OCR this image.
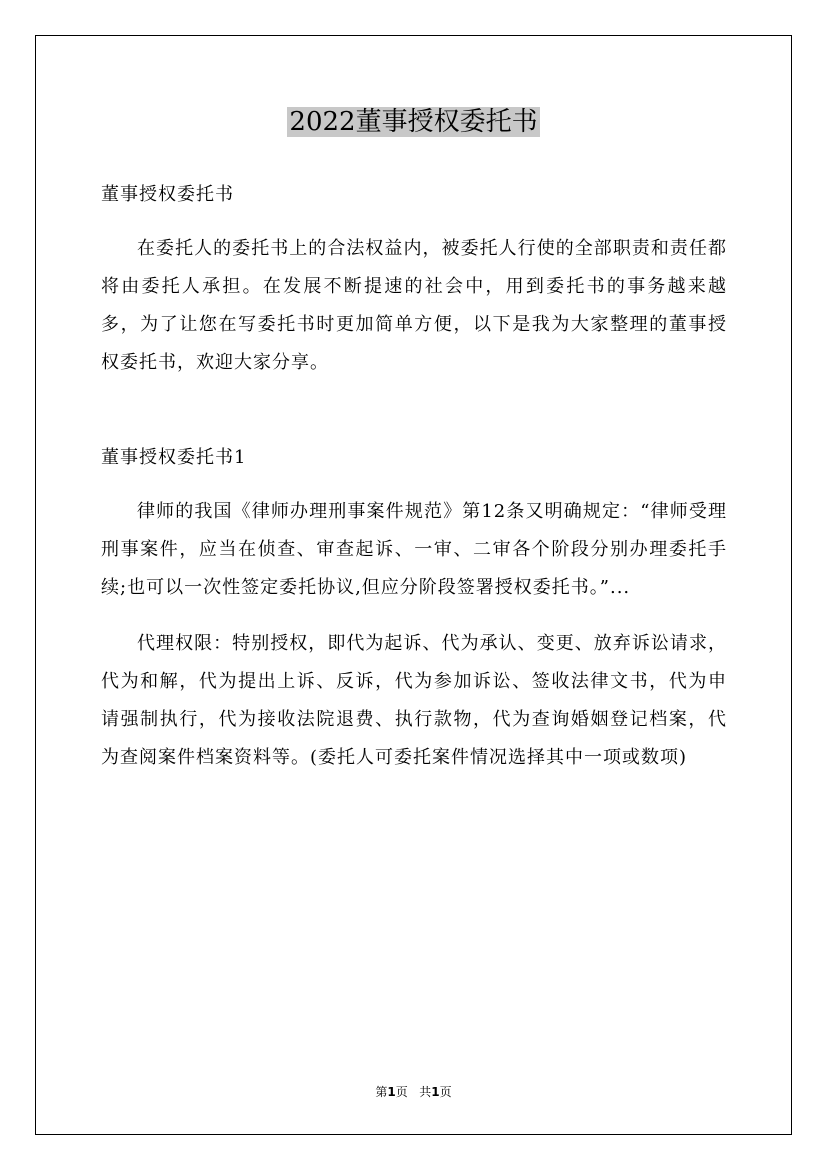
2022董事授权委托书

董事授权委托书

在委托人的委托书上的合法权益内，被委托人行使的全部职责和责任都将由委托人承担。在发展不断提速的社会中，用到委托书的事务越来越多，为了让您在写委托书时更加简单方便，以下是我为大家整理的董事授权委托书，欢迎大家分享。

董事授权委托书1

律师的我国《律师办理刑事案件规范》第12条又明确规定：“律师受理刑事案件，应当在侦查、审查起诉、一审、二审各个阶段分别办理委托手续;也可以一次性签定委托协议,但应分阶段签署授权委托书。”...

代理权限：特别授权，即代为起诉、代为承认、变更、放弃诉讼请求，代为和解，代为提出上诉、反诉，代为参加诉讼、签收法律文书，代为申请强制执行，代为接收法院退费、执行款物，代为查询婚姻登记档案，代为查阅案件档案资料等。(委托人可委托案件情况选择其中一项或数项)

第1页 共1页
